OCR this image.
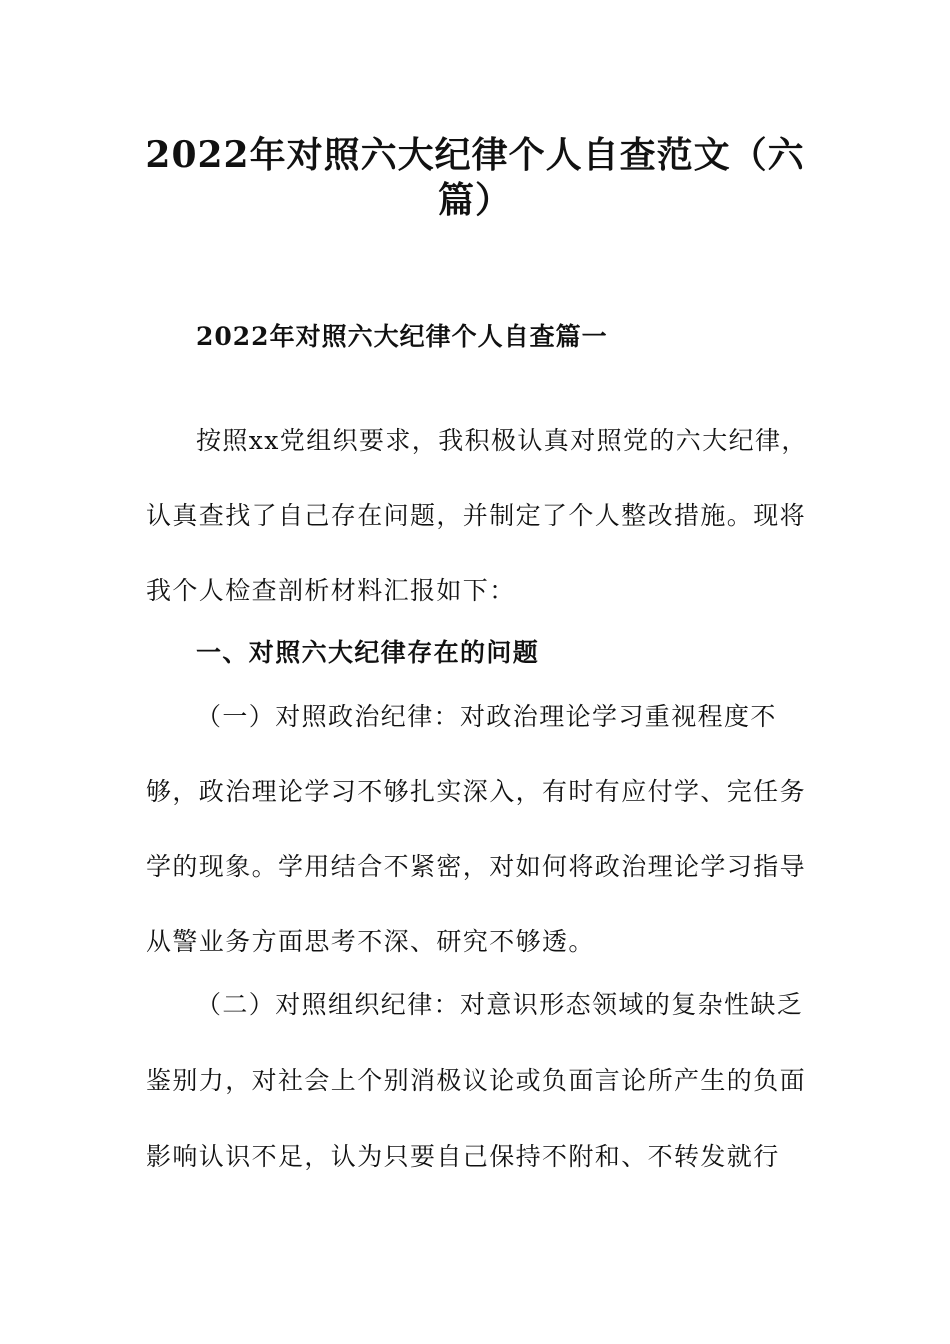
2022年对照六大纪律个人自查范文（六
篇）
2022年对照六大纪律个人自查篇一
按照xx党组织要求，我积极认真对照党的六大纪律，
认真查找了自己存在问题，并制定了个人整改措施。现将
我个人检查剖析材料汇报如下：
一、对照六大纪律存在的问题
（一）对照政治纪律：对政治理论学习重视程度不
够，政治理论学习不够扎实深入，有时有应付学、完任务
学的现象。学用结合不紧密，对如何将政治理论学习指导
从警业务方面思考不深、研究不够透。
（二）对照组织纪律：对意识形态领域的复杂性缺乏
鉴别力，对社会上个别消极议论或负面言论所产生的负面
影响认识不足，认为只要自己保持不附和、不转发就行
